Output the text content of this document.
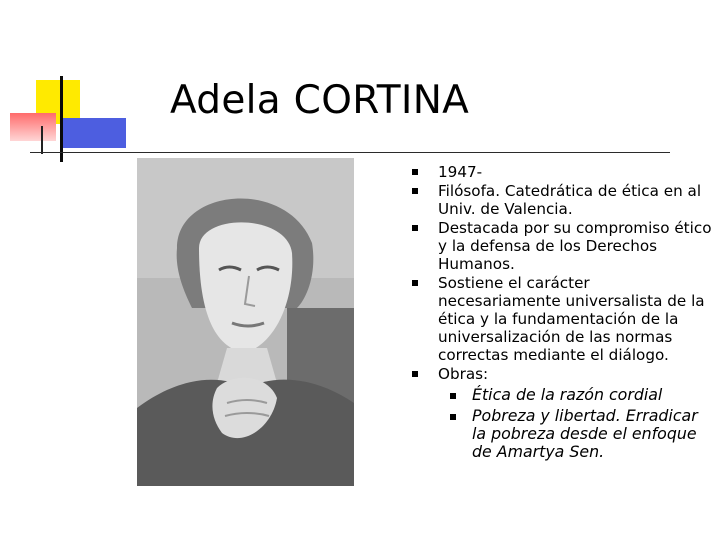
Adela CORTINA
1947-
Filósofa. Catedrática de ética en al Univ. de Valencia.
Destacada por su compromiso ético y la defensa de los Derechos Humanos.
Sostiene el carácter necesariamente universalista de la ética y la fundamentación de la universalización de las normas correctas mediante el diálogo.
Obras:
Ética de la razón cordial
Pobreza y libertad. Erradicar la pobreza desde el enfoque de Amartya Sen.
